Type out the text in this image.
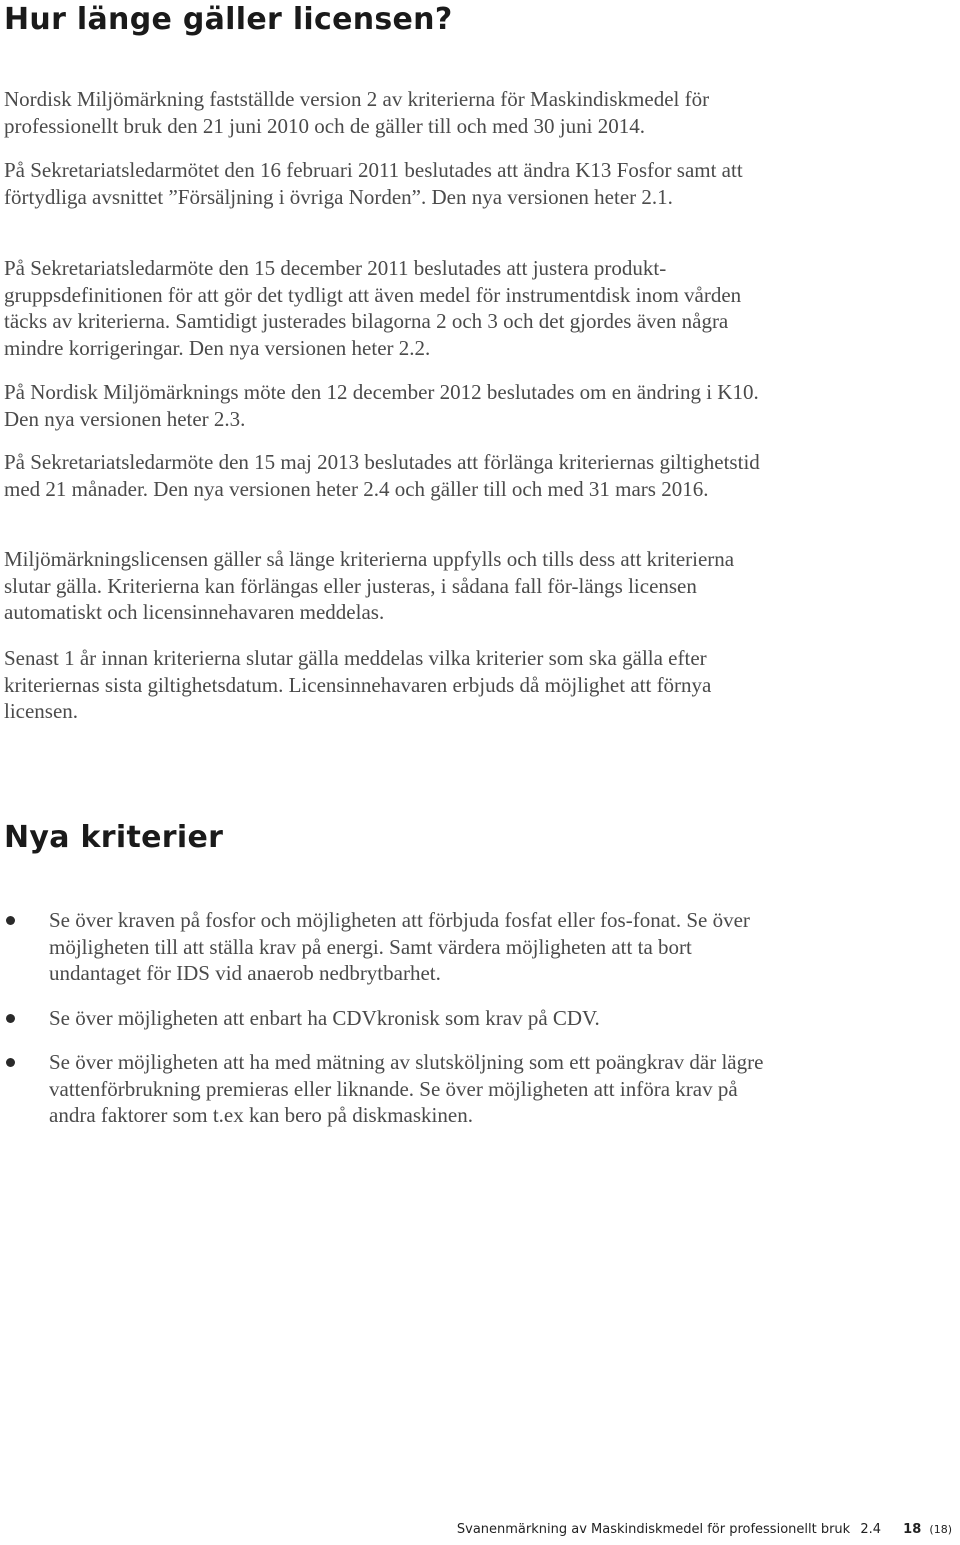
Hur länge gäller licensen?

Nordisk Miljömärkning fastställde version 2 av kriterierna för Maskindiskmedel för professionellt bruk den 21 juni 2010 och de gäller till och med 30 juni 2014.

På Sekretariatsledarmötet den 16 februari 2011 beslutades att ändra K13 Fosfor samt att förtydliga avsnittet ”Försäljning i övriga Norden”. Den nya versionen heter 2.1.

På Sekretariatsledarmöte den 15 december 2011 beslutades att justera produkt-gruppsdefinitionen för att gör det tydligt att även medel för instrumentdisk inom vården täcks av kriterierna. Samtidigt justerades bilagorna 2 och 3 och det gjordes även några mindre korrigeringar. Den nya versionen heter 2.2.

På Nordisk Miljömärknings möte den 12 december 2012 beslutades om en ändring i K10. Den nya versionen heter 2.3.

På Sekretariatsledarmöte den 15 maj 2013 beslutades att förlänga kriteriernas giltighetstid med 21 månader. Den nya versionen heter 2.4 och gäller till och med 31 mars 2016.

Miljömärkningslicensen gäller så länge kriterierna uppfylls och tills dess att kriterierna slutar gälla. Kriterierna kan förlängas eller justeras, i sådana fall för-längs licensen automatiskt och licensinnehavaren meddelas.

Senast 1 år innan kriterierna slutar gälla meddelas vilka kriterier som ska gälla efter kriteriernas sista giltighetsdatum. Licensinnehavaren erbjuds då möjlighet att förnya licensen.

Nya kriterier
Se över kraven på fosfor och möjligheten att förbjuda fosfat eller fos-fonat. Se över möjligheten till att ställa krav på energi. Samt värdera möjligheten att ta bort undantaget för IDS vid anaerob nedbrytbarhet.
Se över möjligheten att enbart ha CDVkronisk som krav på CDV.
Se över möjligheten att ha med mätning av slutsköljning som ett poängkrav där lägre vattenförbrukning premieras eller liknande. Se över möjligheten att införa krav på andra faktorer som t.ex kan bero på diskmaskinen.
Svanenmärkning av Maskindiskmedel för professionellt bruk 2.4 18 (18)
